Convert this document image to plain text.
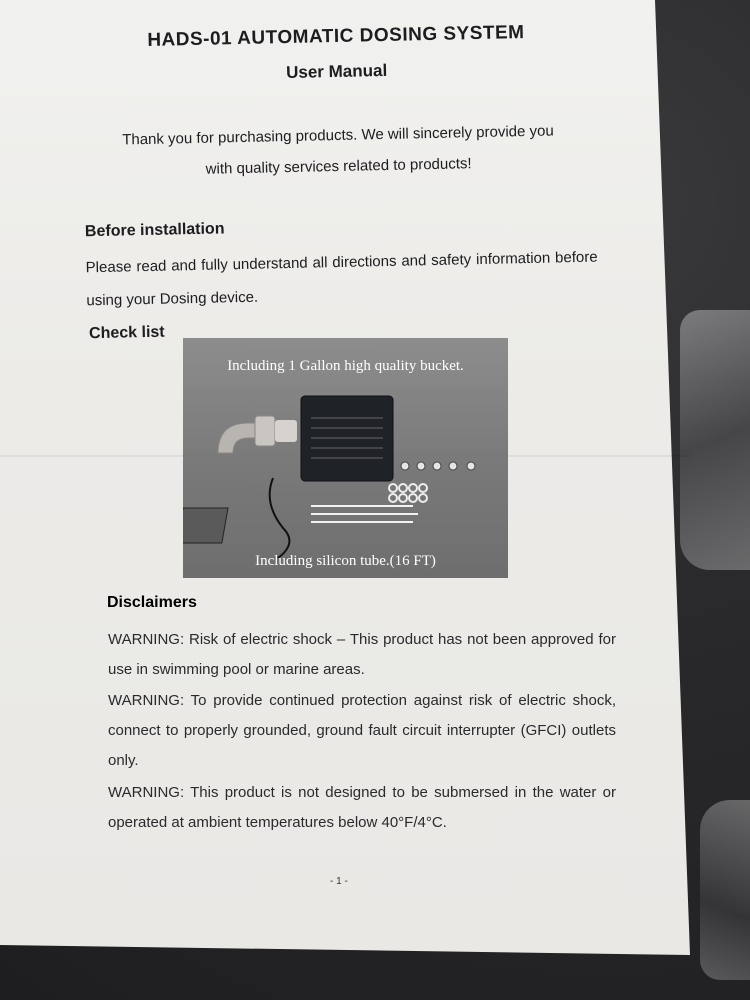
HADS-01 AUTOMATIC DOSING SYSTEM
User Manual
Thank you for purchasing products. We will sincerely provide you
with quality services related to products!
Before installation
Please read and fully understand all directions and safety information before using your Dosing device.
Check list
Including 1 Gallon high quality bucket.
Including silicon tube.(16 FT)
Disclaimers
WARNING: Risk of electric shock – This product has not been approved for use in swimming pool or marine areas.
WARNING: To provide continued protection against risk of electric shock, connect to properly grounded, ground fault circuit interrupter (GFCI) outlets only.
WARNING: This product is not designed to be submersed in the water or operated at ambient temperatures below 40°F/4°C.
- 1 -
